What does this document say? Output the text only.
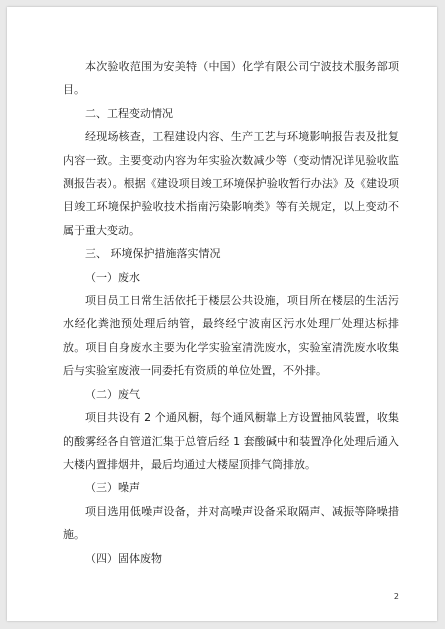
本次验收范围为安美特（中国）化学有限公司宁波技术服务部项目。

二、工程变动情况

经现场核查，工程建设内容、生产工艺与环境影响报告表及批复内容一致。主要变动内容为年实验次数减少等（变动情况详见验收监测报告表）。根据《建设项目竣工环境保护验收暂行办法》及《建设项目竣工环境保护验收技术指南污染影响类》等有关规定，以上变动不属于重大变动。

三、 环境保护措施落实情况

（一）废水

项目员工日常生活依托于楼层公共设施，项目所在楼层的生活污水经化粪池预处理后纳管，最终经宁波南区污水处理厂处理达标排放。项目自身废水主要为化学实验室清洗废水，实验室清洗废水收集后与实验室废液一同委托有资质的单位处置，不外排。

（二）废气

项目共设有 2 个通风橱，每个通风橱靠上方设置抽风装置，收集的酸雾经各自管道汇集于总管后经 1 套酸碱中和装置净化处理后通入大楼内置排烟井，最后均通过大楼屋顶排气筒排放。

（三）噪声

项目选用低噪声设备，并对高噪声设备采取隔声、减振等降噪措施。

（四）固体废物

2
